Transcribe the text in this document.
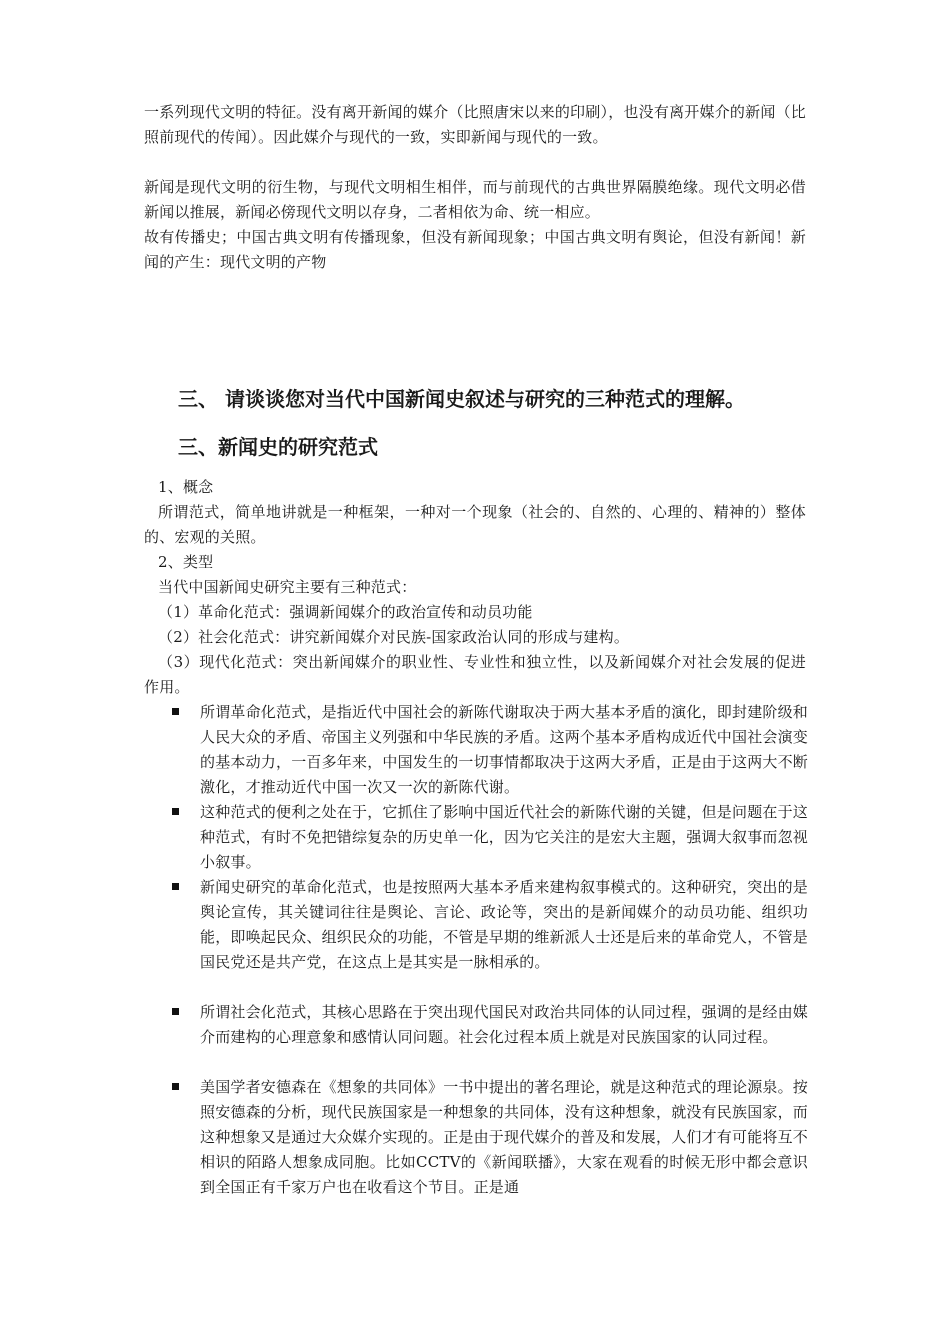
一系列现代文明的特征。没有离开新闻的媒介（比照唐宋以来的印刷），也没有离开媒介的新闻（比照前现代的传闻）。因此媒介与现代的一致，实即新闻与现代的一致。

新闻是现代文明的衍生物，与现代文明相生相伴，而与前现代的古典世界隔膜绝缘。现代文明必借新闻以推展，新闻必傍现代文明以存身，二者相依为命、统一相应。

故有传播史；中国古典文明有传播现象，但没有新闻现象；中国古典文明有舆论，但没有新闻！新闻的产生：现代文明的产物

三、 请谈谈您对当代中国新闻史叙述与研究的三种范式的理解。
三、新闻史的研究范式

1、概念

所谓范式，简单地讲就是一种框架，一种对一个现象（社会的、自然的、心理的、精神的）整体的、宏观的关照。

2、类型

当代中国新闻史研究主要有三种范式：

（1）革命化范式：强调新闻媒介的政治宣传和动员功能

（2）社会化范式：讲究新闻媒介对民族-国家政治认同的形成与建构。

（3）现代化范式：突出新闻媒介的职业性、专业性和独立性，以及新闻媒介对社会发展的促进作用。

所谓革命化范式，是指近代中国社会的新陈代谢取决于两大基本矛盾的演化，即封建阶级和人民大众的矛盾、帝国主义列强和中华民族的矛盾。这两个基本矛盾构成近代中国社会演变的基本动力，一百多年来，中国发生的一切事情都取决于这两大矛盾，正是由于这两大不断激化，才推动近代中国一次又一次的新陈代谢。

这种范式的便利之处在于，它抓住了影响中国近代社会的新陈代谢的关键，但是问题在于这种范式，有时不免把错综复杂的历史单一化，因为它关注的是宏大主题，强调大叙事而忽视小叙事。

新闻史研究的革命化范式，也是按照两大基本矛盾来建构叙事模式的。这种研究，突出的是舆论宣传，其关键词往往是舆论、言论、政论等，突出的是新闻媒介的动员功能、组织功能，即唤起民众、组织民众的功能，不管是早期的维新派人士还是后来的革命党人，不管是国民党还是共产党，在这点上是其实是一脉相承的。

所谓社会化范式，其核心思路在于突出现代国民对政治共同体的认同过程，强调的是经由媒介而建构的心理意象和感情认同问题。社会化过程本质上就是对民族国家的认同过程。

美国学者安德森在《想象的共同体》一书中提出的著名理论，就是这种范式的理论源泉。按照安德森的分析，现代民族国家是一种想象的共同体，没有这种想象，就没有民族国家，而这种想象又是通过大众媒介实现的。正是由于现代媒介的普及和发展，人们才有可能将互不相识的陌路人想象成同胞。比如CCTV的《新闻联播》，大家在观看的时候无形中都会意识到全国正有千家万户也在收看这个节目。正是通
